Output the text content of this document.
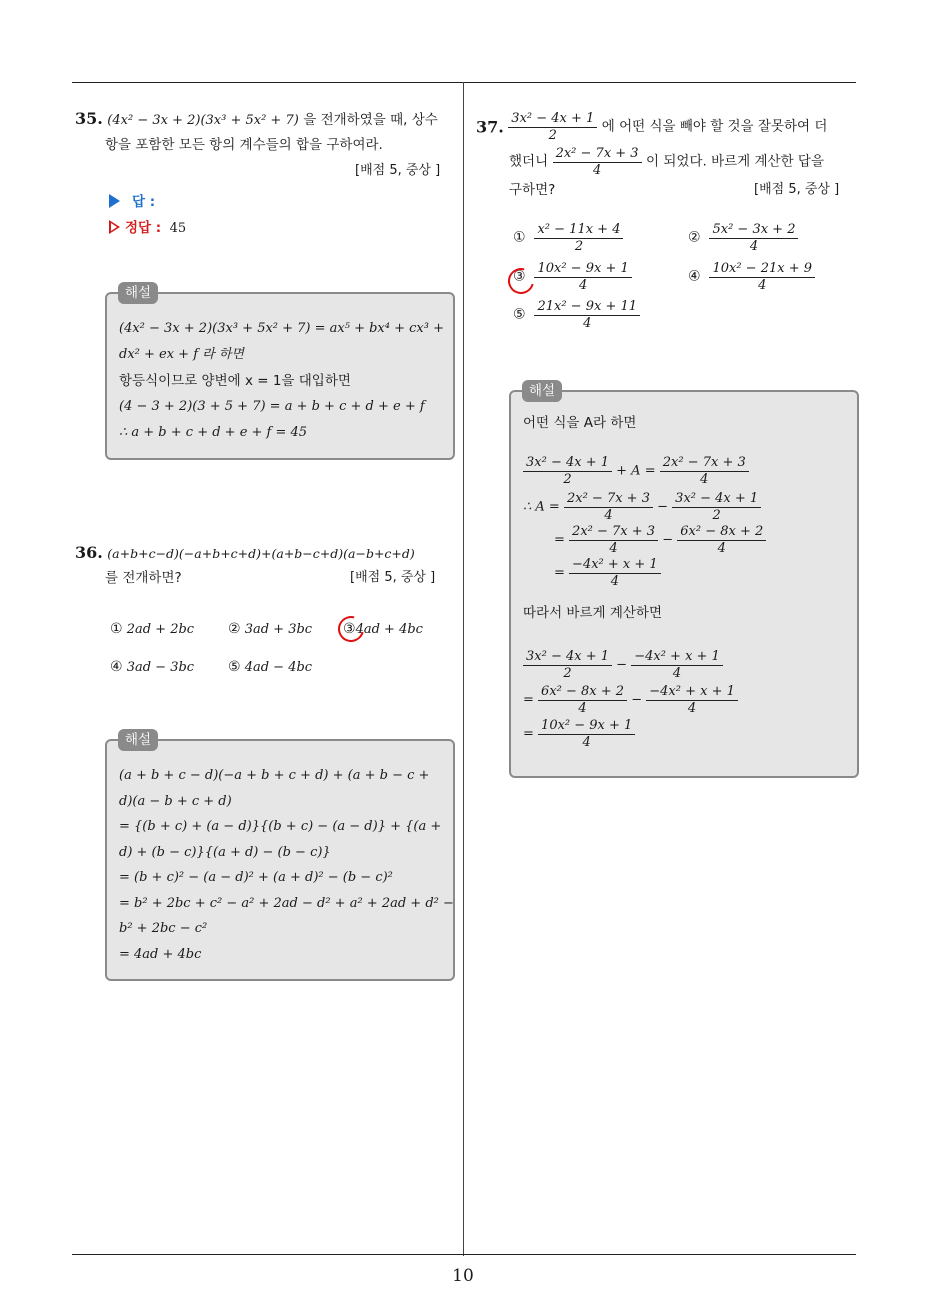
10
35. (4x² − 3x + 2)(3x³ + 5x² + 7) 을 전개하였을 때, 상수
항을 포함한 모든 항의 계수들의 합을 구하여라.
[배점 5, 중상 ]
답 :
정답 : 45
(4x² − 3x + 2)(3x³ + 5x² + 7) = ax⁵ + bx⁴ + cx³ +
dx² + ex + f 라 하면
항등식이므로 양변에 x = 1을 대입하면
(4 − 3 + 2)(3 + 5 + 7) = a + b + c + d + e + f
∴ a + b + c + d + e + f = 45
해설
36. (a+b+c−d)(−a+b+c+d)+(a+b−c+d)(a−b+c+d)
를 전개하면?	[배점 5, 중상 ]
① 2ad + 2bc ② 3ad + 3bc ③4ad + 4bc
④ 3ad − 3bc ⑤ 4ad − 4bc
(a + b + c − d)(−a + b + c + d) + (a + b − c +
d)(a − b + c + d)
= {(b + c) + (a − d)}{(b + c) − (a − d)} + {(a +
d) + (b − c)}{(a + d) − (b − c)}
= (b + c)² − (a − d)² + (a + d)² − (b − c)²
= b² + 2bc + c² − a² + 2ad − d² + a² + 2ad + d² −
b² + 2bc − c²
= 4ad + 4bc
해설
37. $\frac{\text{3x² − 4x + 1}}{2}$ 에 어떤 식을 빼야 할 것을 잘못하여 더
했더니 $\frac{\text{2x² − 7x + 3}}{4}$ 이 되었다. 바르게 계산한 답을
구하면?	[배점 5, 중상 ]
① $\frac{\text{x² − 11x + 4}}{2}$	② $\frac{\text{5x² − 3x + 2}}{4}$
③ $\frac{\text{10x² − 9x + 1}}{4}$	④ $\frac{\text{10x² − 21x + 9}}{4}$
⑤ $\frac{\text{21x² − 9x + 11}}{4}$
어떤 식을 A라 하면
$\frac{\text{3x² − 4x + 1}}{2} + A = \frac{\text{2x² − 7x + 3}}{4}$
∴ $A = \frac{\text{2x² − 7x + 3}}{4} - \frac{\text{3x² − 4x + 1}}{2}$
= $\frac{\text{2x² − 7x + 3}}{4} - \frac{\text{6x² − 8x + 2}}{4}$
= $\frac{\text{−4x² + x + 1}}{4}$
따라서 바르게 계산하면
$\frac{\text{3x² − 4x + 1}}{2} - \frac{\text{−4x² + x + 1}}{4}$
= $\frac{\text{6x² − 8x + 2}}{4} - \frac{\text{−4x² + x + 1}}{4}$
= $\frac{\text{10x² − 9x + 1}}{4}$
해설
